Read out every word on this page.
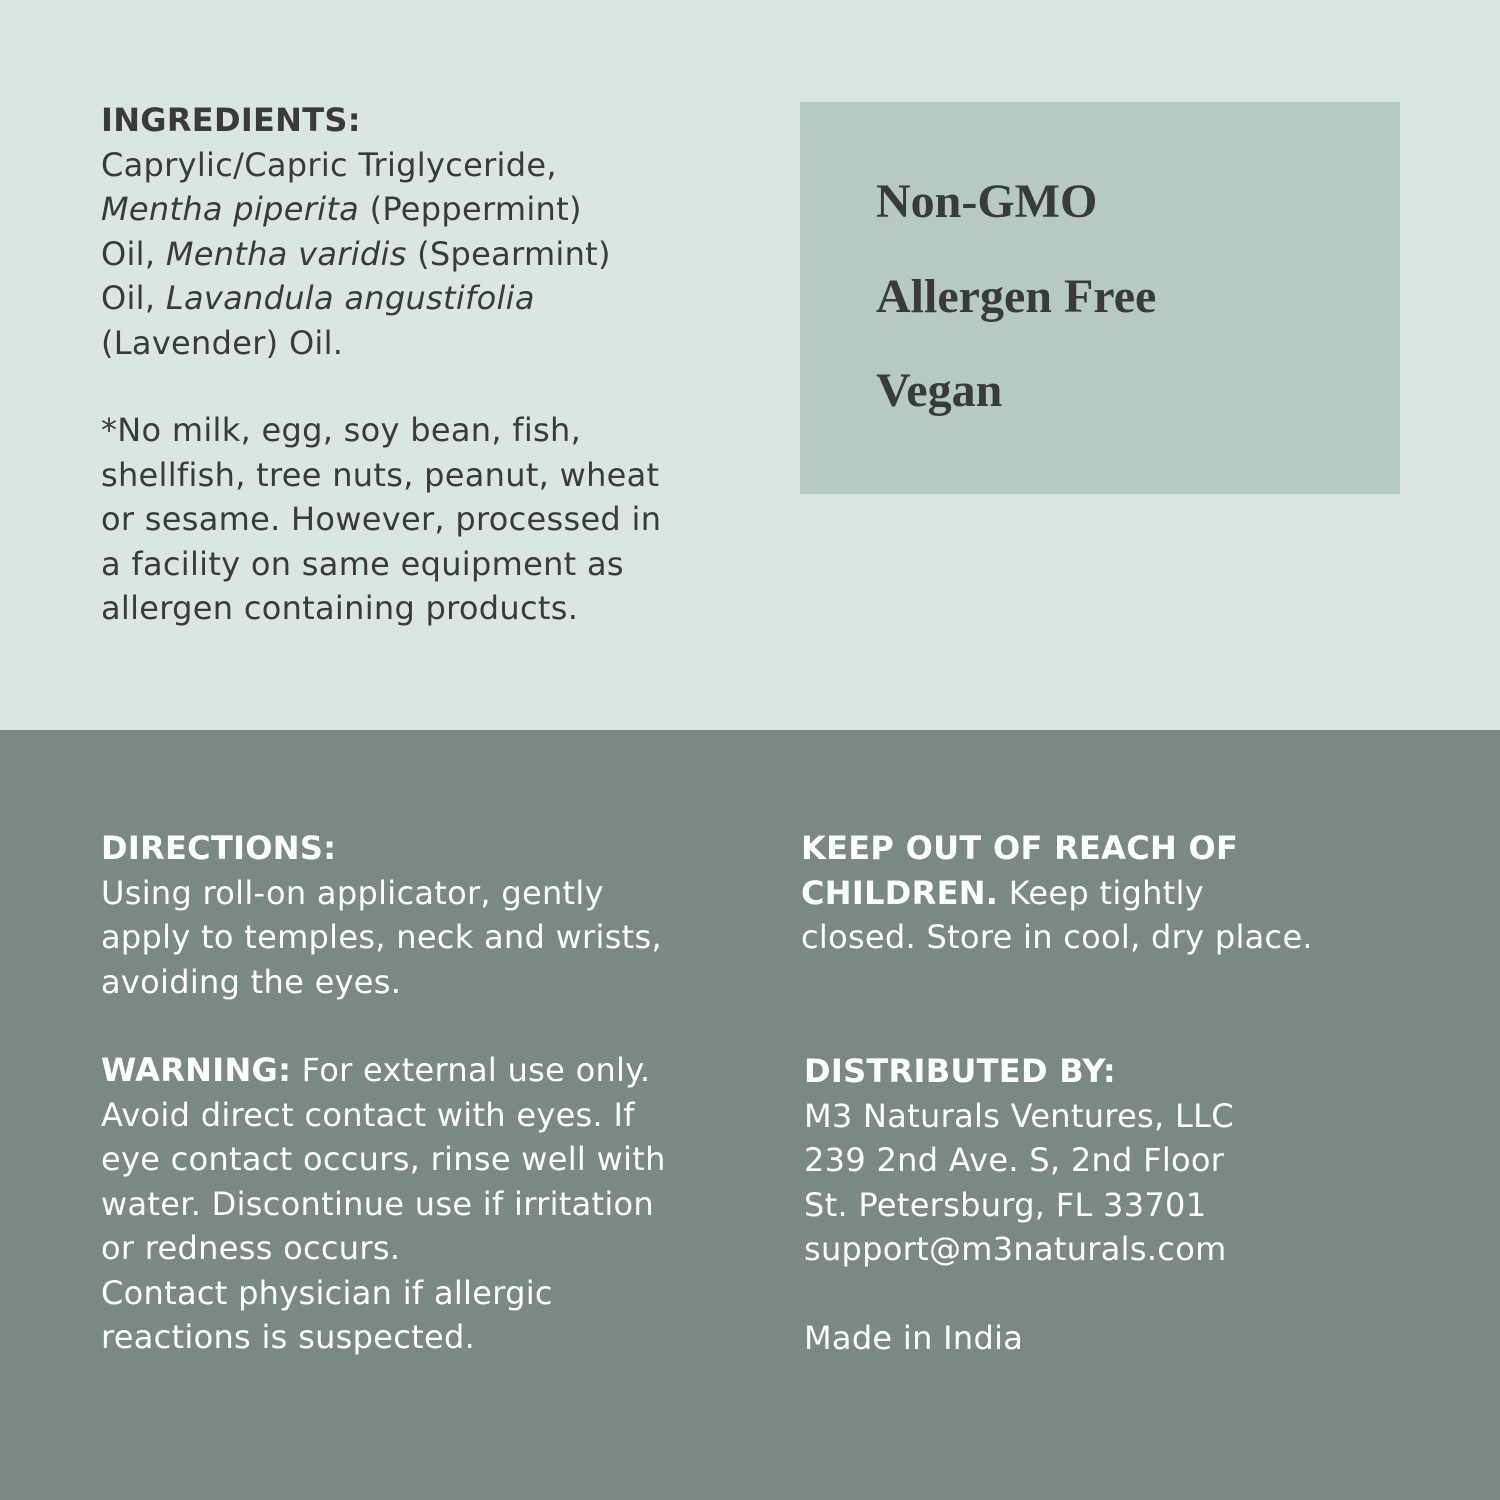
INGREDIENTS:
Caprylic/Capric Triglyceride,
Mentha piperita (Peppermint)
Oil, Mentha varidis (Spearmint)
Oil, Lavandula angustifolia
(Lavender) Oil.
*No milk, egg, soy bean, fish,
shellfish, tree nuts, peanut, wheat
or sesame. However, processed in
a facility on same equipment as
allergen containing products.

Non-GMO

Allergen Free

Vegan

DIRECTIONS:
Using roll-on applicator, gently
apply to temples, neck and wrists,
avoiding the eyes.
WARNING: For external use only.
Avoid direct contact with eyes. If
eye contact occurs, rinse well with
water. Discontinue use if irritation
or redness occurs.
Contact physician if allergic
reactions is suspected.
KEEP OUT OF REACH OF
CHILDREN. Keep tightly
closed. Store in cool, dry place.
DISTRIBUTED BY:
M3 Naturals Ventures, LLC
239 2nd Ave. S, 2nd Floor
St. Petersburg, FL 33701
support@m3naturals.com
Made in India
